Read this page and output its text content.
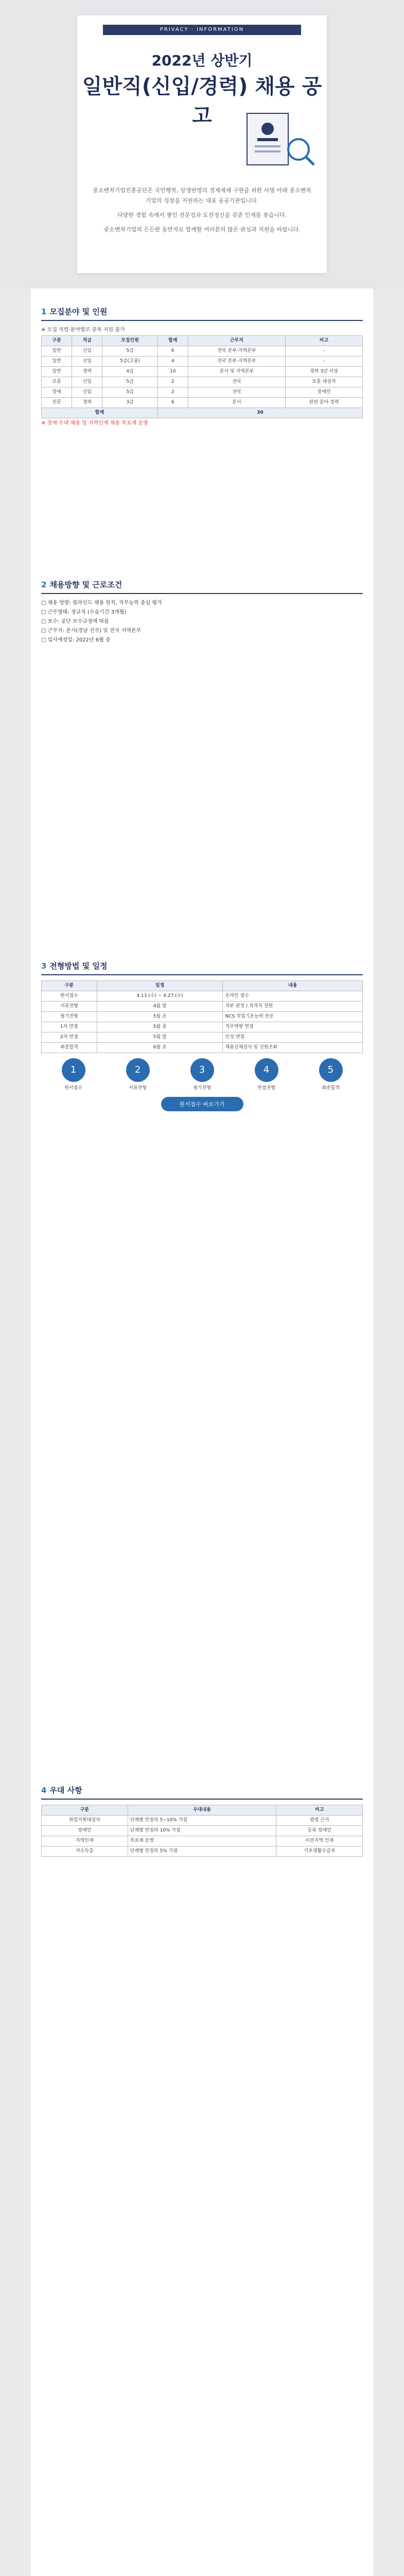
PRIVACY · INFORMATION
2022년 상반기
일반직(신입/경력) 채용 공고

중소벤처기업진흥공단은 국민행복, 상생번영의 경제체제 구현을 위한 사명 아래 중소벤처기업의 성장을 지원하는 대표 공공기관입니다.

다양한 경험 속에서 쌓인 전문성과 도전정신을 갖춘 인재를 찾습니다.

중소벤처기업의 든든한 동반자로 함께할 여러분의 많은 관심과 지원을 바랍니다.

1 모집분야 및 인원
※ 모집 직렬·분야별로 중복 지원 불가
구분	직급	모집인원	합계	근무지	비고
일반	신입	5급	6	전국 본부·지역본부	-
일반	신입	5급(고졸)	4	전국 본부·지역본부	-
일반	경력	4급	10	본사 및 지역본부	경력 3년 이상
보훈	신입	5급	2	전국	보훈 대상자
장애	신입	5급	2	전국	장애인
전문	경력	3급	6	본사	관련 분야 경력
합계			30		
※ 장애 우대 채용 및 지역인재 채용 목표제 운영
2 채용방향 및 근로조건
□ 채용 방향: 블라인드 채용 원칙, 직무능력 중심 평가
□ 근무형태: 정규직 (수습기간 3개월)
□ 보수: 공단 보수규정에 따름
□ 근무지: 본사(경남 진주) 및 전국 지역본부
□ 입사예정일: 2022년 6월 중
3 전형방법 및 일정
구분	일정	내용
원서접수	4.13.(수) ~ 4.27.(수)	온라인 접수
서류전형	4월 말	적부 판정 / 적격자 전원
필기전형	5월 초	NCS 직업기초능력·전공
1차 면접	5월 중	직무역량 면접
2차 면접	5월 말	인성 면접
최종합격	6월 초	채용신체검사 및 신원조회
1
원서접수
2
서류전형
3
필기전형
4
면접전형
5
최종합격
원서접수 바로가기
4 우대 사항
구분	우대내용	비고
취업지원대상자	단계별 만점의 5~10% 가점	법령 근거
장애인	단계별 만점의 10% 가점	등록 장애인
지역인재	목표제 운영	이전지역 인재
저소득층	단계별 만점의 5% 가점	기초생활수급자
